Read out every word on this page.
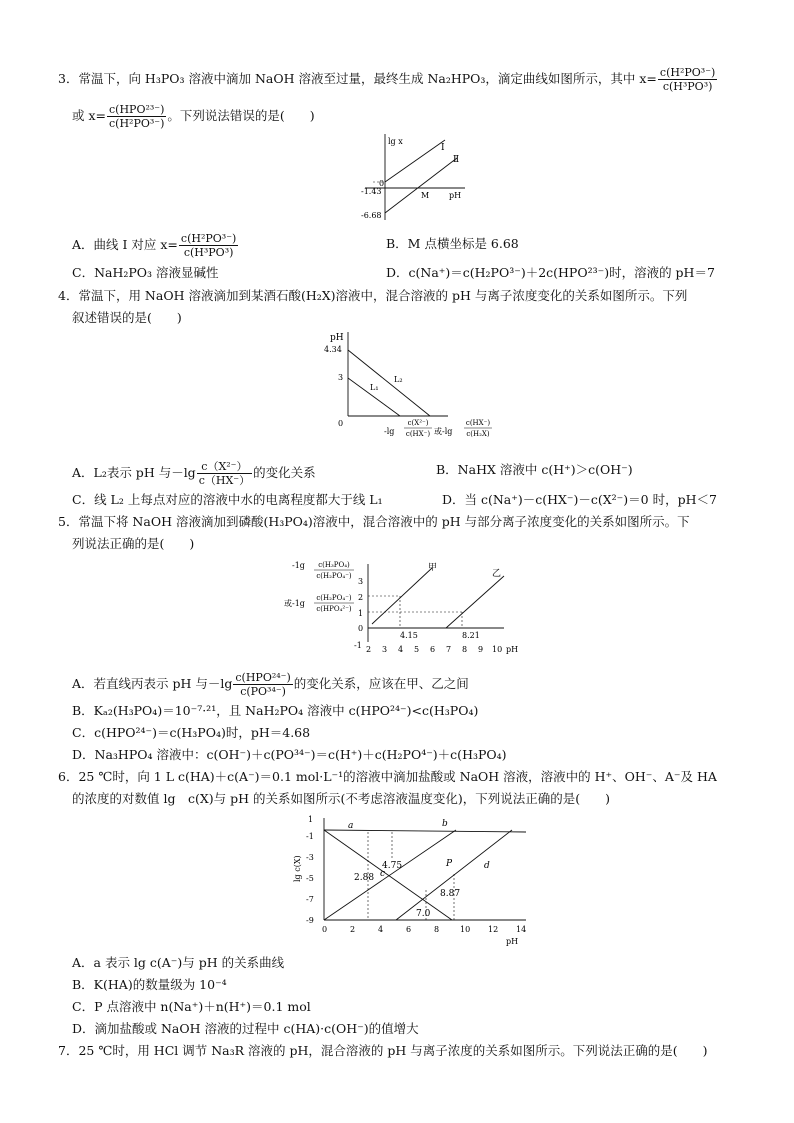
3．常温下，向 H₃PO₃ 溶液中滴加 NaOH 溶液至过量，最终生成 Na₂HPO₃，滴定曲线如图所示，其中 $x= \frac{\text{c(H²PO³⁻)}}{\text{c(H³PO³)}}$
或 $x= \frac{\text{c(HPO²³⁻)}}{\text{c(H²PO³⁻)}}$ 。下列说法错误的是(　　)
lg x
Ⅰ
Ⅱ
0
-1.43
-6.68
M pH
A．曲线 Ⅰ 对应 $x= \frac{\text{c(H²PO³⁻)}}{\text{c(H³PO³)}}$	B．M 点横坐标是 6.68
C．NaH₂PO₃ 溶液显碱性	D．c(Na⁺)＝c(H₂PO³⁻)＋2c(HPO²³⁻)时，溶液的 pH＝7
4．常温下，用 NaOH 溶液滴加到某酒石酸(H₂X)溶液中，混合溶液的 pH 与离子浓度变化的关系如图所示。下列
叙述错误的是(　　)
pH
4.34
3
0
L₁
L₂
-lg
c(X²⁻)
c(HX⁻) 或-lg
c(HX⁻)
c(H₂X)
A．L₂表示 pH 与$-\lg \frac{\text{c（X²⁻）}}{c(HX^-)}$ 的变化关系	B．NaHX 溶液中 c(H⁺)＞c(OH⁻)
C．线 L₂ 上每点对应的溶液中水的电离程度都大于线 L₁	D．当 c(Na⁺)－c(HX⁻)－c(X²⁻)＝0 时，pH＜7
5．常温下将 NaOH 溶液滴加到磷酸(H₃PO₄)溶液中，混合溶液中的 pH 与部分离子浓度变化的关系如图所示。下
列说法正确的是(　　)
-1g c(H₃PO₄)
c(H₂PO₄⁻)
或-1g
c(H₂PO₄⁻)
c(HPO₄²⁻)
3
2
1
0
-1
甲
乙
4.15	8.21
2 3 4 5 6 7 8 9 10 pH
A．若直线丙表示 pH 与$-\lg \frac{\text{c(HPO²⁴⁻)}}{\text{c(PO³⁴⁻)}}$ 的变化关系，应该在甲、乙之间
B．Kₐ₂(H₃PO₄)＝10⁻⁷·²¹，且 NaH₂PO₄ 溶液中 c(HPO²⁴⁻)<c(H₃PO₄)
C．c(HPO²⁴⁻)＝c(H₃PO₄)时，pH＝4.68
D．Na₃HPO₄ 溶液中：c(OH⁻)＋c(PO³⁴⁻)＝c(H⁺)＋c(H₂PO⁴⁻)＋c(H₃PO₄)
6．25 ℃时，向 1 L c(HA)＋c(A⁻)＝0.1 mol·L⁻¹的溶液中滴加盐酸或 NaOH 溶液，溶液中的 H⁺、OH⁻、A⁻及 HA
的浓度的对数值 lg　c(X)与 pH 的关系如图所示(不考虑溶液温度变化)，下列说法正确的是(　　)
1
-1
-3
-5
-7
-9
lg c(X)
a	b
c
d
P
4.75
2.88
8.87
7.0
0	2	4	6	8	10 12 14
pH
A．a 表示 lg c(A⁻)与 pH 的关系曲线
B．K(HA)的数量级为 10⁻⁴
C．P 点溶液中 n(Na⁺)＋n(H⁺)＝0.1 mol
D．滴加盐酸或 NaOH 溶液的过程中 c(HA)·c(OH⁻)的值增大
7．25 ℃时，用 HCl 调节 Na₃R 溶液的 pH，混合溶液的 pH 与离子浓度的关系如图所示。下列说法正确的是(　　)
